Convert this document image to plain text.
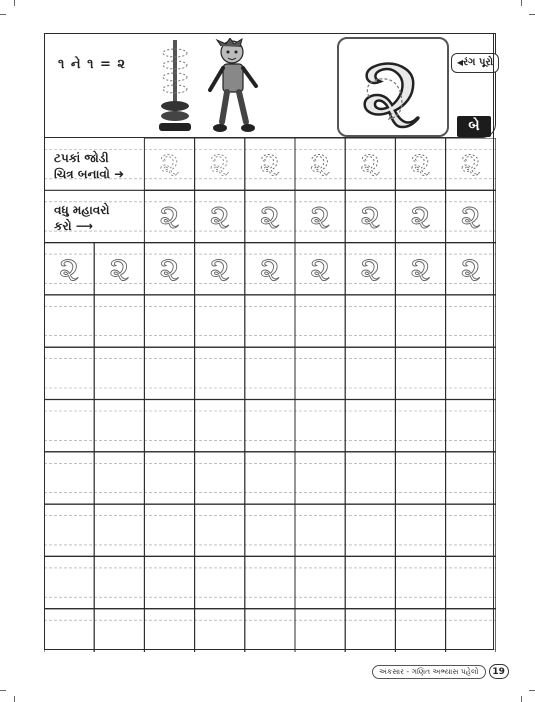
૧ ને ૧ = ૨ ૨	◀રંગ પૂરો
બે
ટપકાં જોડી
ચિત્ર બનાવો ➜
વધુ મહાવરો
કરો ⟶
૨ ૨ ૨ ૨ ૨ ૨ ૨
૨ ૨ ૨ ૨ ૨ ૨ ૨
૨ ૨ ૨ ૨ ૨ ૨ ૨ ૨ ૨
અંકસાર - ગણિત અભ્યાસ પહેલો	19
